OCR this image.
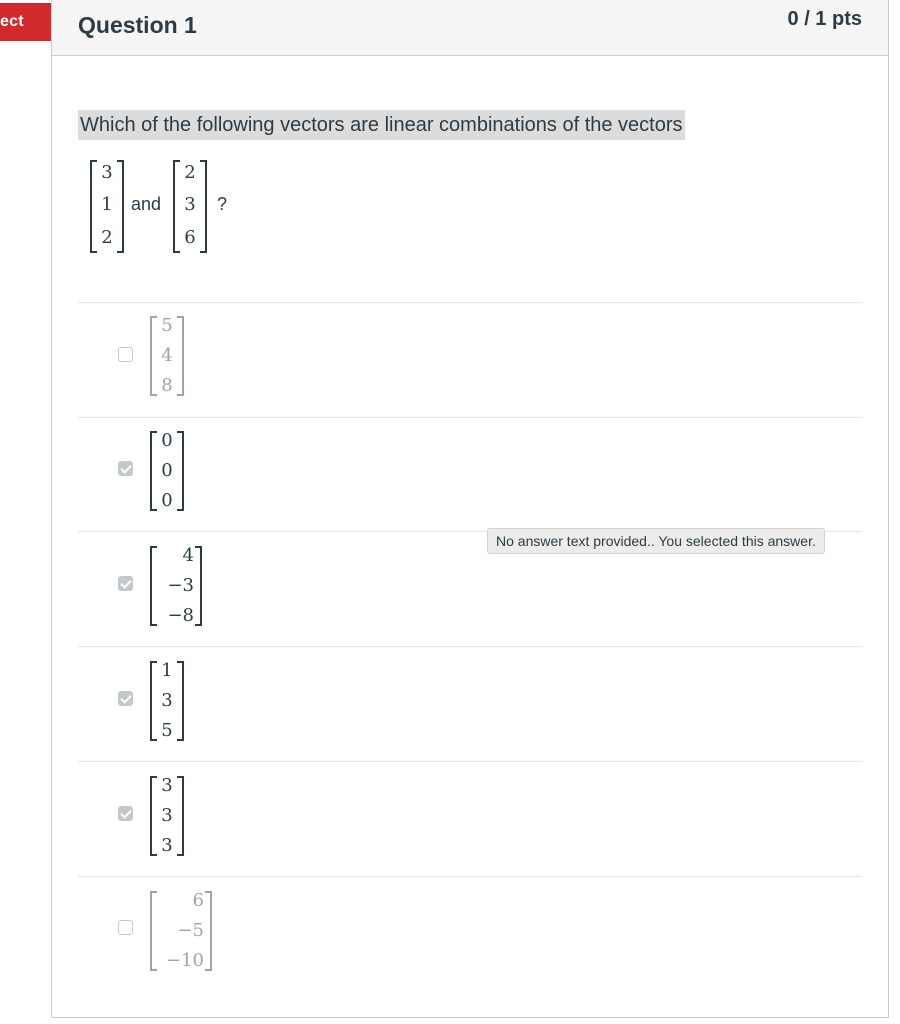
ect Question 1	0 / 1 pts
Which of the following vectors are linear combinations of the vectors
3
1
2
and
2
3
6
?
5
4
8
0
0
0
4
−3
−8
1
3
5
3
3
3
6
−5
−10
No answer text provided.. You selected this answer.
